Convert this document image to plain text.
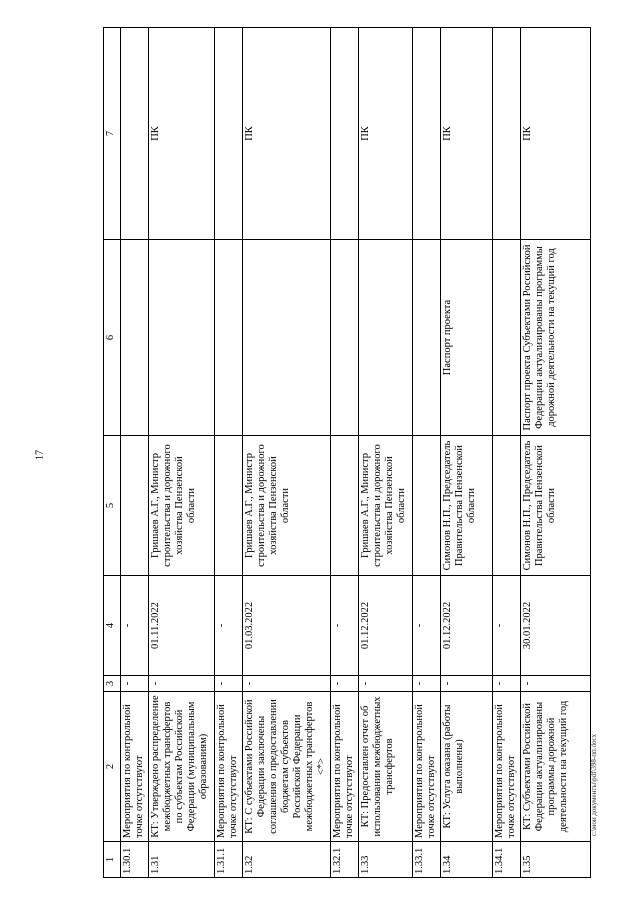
17
c:\мои документы\pdf\398-пп.docx
1	2	3	4	5	6	7
1.30.1	Мероприятия по контрольной точке отсутствуют	-	-			
1.31	КТ: Утверждено распределение межбюджетных трансфертов по субъектам Российской Федерации (муниципальным образованиям)	-	01.11.2022	Гришаев А.Г., Министр строительства и дорожного хозяйства Пензенской области		ПК
1.31.1	Мероприятия по контрольной точке отсутствуют	-	-			
1.32	КТ: С субъектами Российской Федерации заключены соглашения о предоставлении бюджетам субъектов Российской Федерации межбюджетных трансфертов <*>	-	01.03.2022	Гришаев А.Г., Министр строительства и дорожного хозяйства Пензенской области		ПК
1.32.1	Мероприятия по контрольной точке отсутствуют	-	-			
1.33	КТ: Предоставлен отчет об использовании межбюджетных трансфертов	-	01.12.2022	Гришаев А.Г., Министр строительства и дорожного хозяйства Пензенской области		ПК
1.33.1	Мероприятия по контрольной точке отсутствуют	-	-			
1.34	КТ: Услуга оказана (работы выполнены)	-	01.12.2022	Симонов Н.П., Председатель Правительства Пензенской области	Паспорт проекта	ПК
1.34.1	Мероприятия по контрольной точке отсутствуют	-	-			
1.35	КТ: Субъектами Российской Федерации актуализированы программы дорожной деятельности на текущий год	-	30.01.2022	Симонов Н.П., Председатель Правительства Пензенской области	Паспорт проекта Субъектами Российской Федерации актуализированы программы дорожной деятельности на текущий год	ПК
